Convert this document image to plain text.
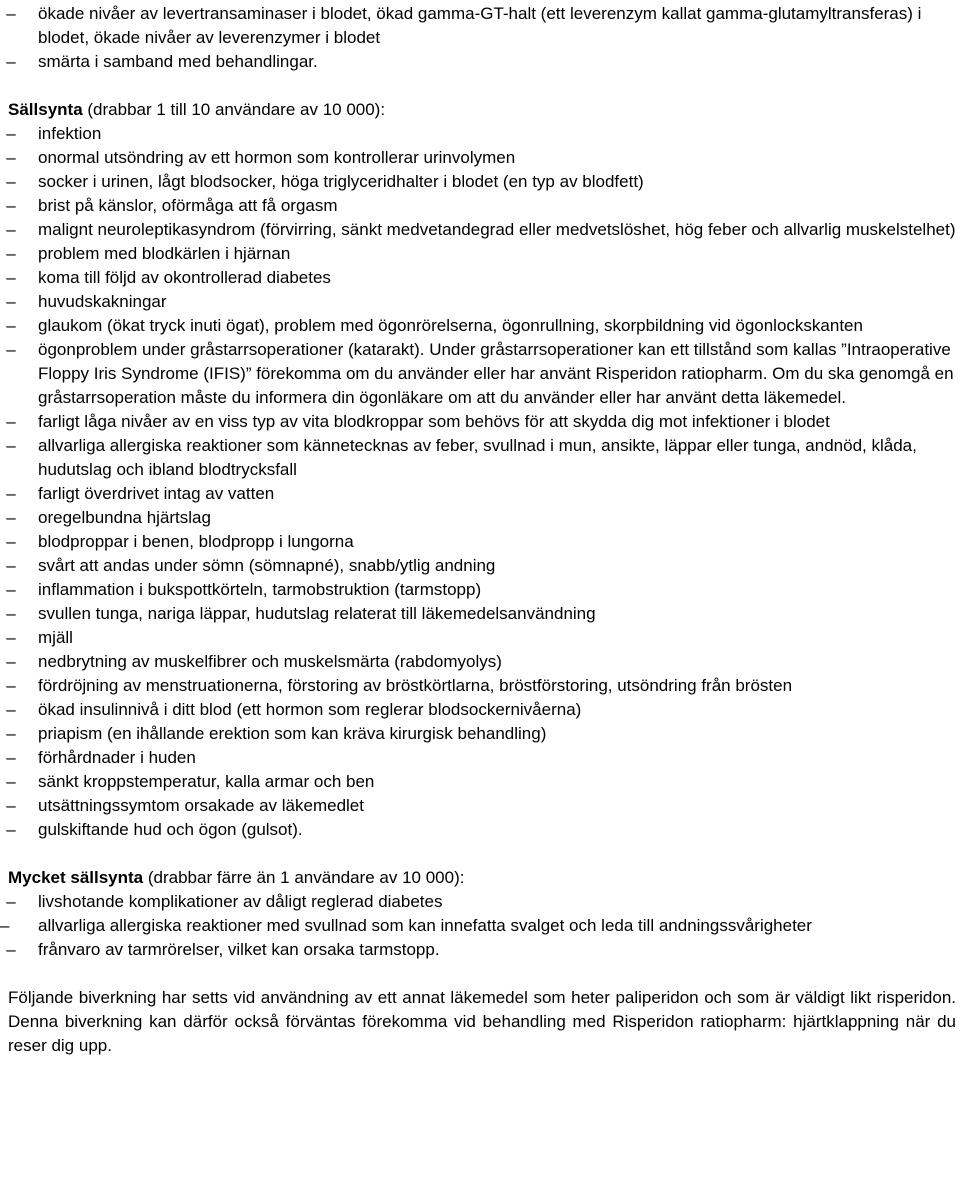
–	ökade nivåer av levertransaminaser i blodet, ökad gamma-GT-halt (ett leverenzym kallat gamma-glutamyltransferas) i blodet, ökade nivåer av leverenzymer i blodet
–	smärta i samband med behandlingar.

Sällsynta (drabbar 1 till 10 användare av 10 000):

–	infektion
–	onormal utsöndring av ett hormon som kontrollerar urinvolymen
–	socker i urinen, lågt blodsocker, höga triglyceridhalter i blodet (en typ av blodfett)
–	brist på känslor, oförmåga att få orgasm
–	malignt neuroleptikasyndrom (förvirring, sänkt medvetandegrad eller medvetslöshet, hög feber och allvarlig muskelstelhet)
–	problem med blodkärlen i hjärnan
–	koma till följd av okontrollerad diabetes
–	huvudskakningar
–	glaukom (ökat tryck inuti ögat), problem med ögonrörelserna, ögonrullning, skorpbildning vid ögonlockskanten
–	ögonproblem under gråstarrsoperationer (katarakt). Under gråstarrsoperationer kan ett tillstånd som kallas ”Intraoperative Floppy Iris Syndrome (IFIS)” förekomma om du använder eller har använt Risperidon ratiopharm. Om du ska genomgå en gråstarrsoperation måste du informera din ögonläkare om att du använder eller har använt detta läkemedel.
–	farligt låga nivåer av en viss typ av vita blodkroppar som behövs för att skydda dig mot infektioner i blodet
–	allvarliga allergiska reaktioner som kännetecknas av feber, svullnad i mun, ansikte, läppar eller tunga, andnöd, klåda, hudutslag och ibland blodtrycksfall
–	farligt överdrivet intag av vatten
–	oregelbundna hjärtslag
–	blodproppar i benen, blodpropp i lungorna
–	svårt att andas under sömn (sömnapné), snabb/ytlig andning
–	inflammation i bukspottkörteln, tarmobstruktion (tarmstopp)
–	svullen tunga, nariga läppar, hudutslag relaterat till läkemedelsanvändning
–	mjäll
–	nedbrytning av muskelfibrer och muskelsmärta (rabdomyolys)
–	fördröjning av menstruationerna, förstoring av bröstkörtlarna, bröstförstoring, utsöndring från brösten
–	ökad insulinnivå i ditt blod (ett hormon som reglerar blodsockernivåerna)
–	priapism (en ihållande erektion som kan kräva kirurgisk behandling)
–	förhårdnader i huden
–	sänkt kroppstemperatur, kalla armar och ben
–	utsättningssymtom orsakade av läkemedlet
–	gulskiftande hud och ögon (gulsot).

Mycket sällsynta (drabbar färre än 1 användare av 10 000):

–	livshotande komplikationer av dåligt reglerad diabetes
–	allvarliga allergiska reaktioner med svullnad som kan innefatta svalget och leda till andningssvårigheter
–	frånvaro av tarmrörelser, vilket kan orsaka tarmstopp.

Följande biverkning har setts vid användning av ett annat läkemedel som heter paliperidon och som är väldigt likt risperidon. Denna biverkning kan därför också förväntas förekomma vid behandling med Risperidon ratiopharm: hjärtklappning när du reser dig upp.
